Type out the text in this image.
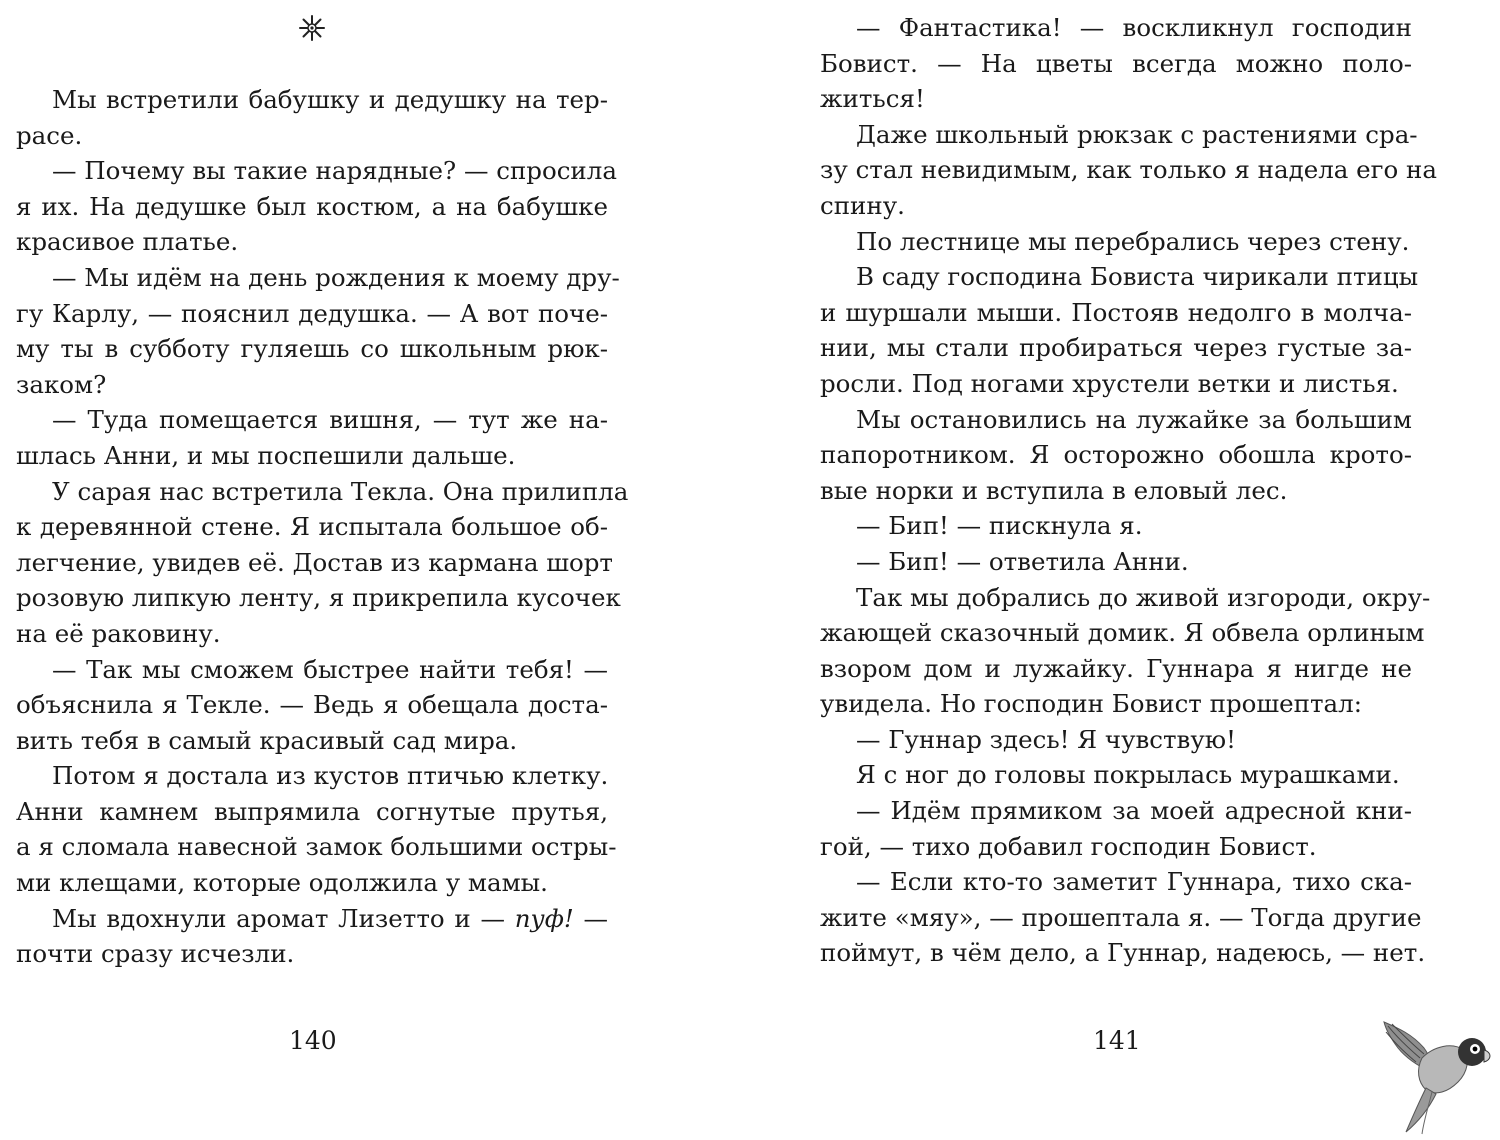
Мы встретили бабушку и дедушку на тер-
расе.
— Почему вы такие нарядные? — спросила
я их. На дедушке был костюм, а на бабушке
красивое платье.
— Мы идём на день рождения к моему дру-
гу Карлу, — пояснил дедушка. — А вот поче-
му ты в субботу гуляешь со школьным рюк-
заком?
— Туда помещается вишня, — тут же на-
шлась Анни, и мы поспешили дальше.
У сарая нас встретила Текла. Она прилипла
к деревянной стене. Я испытала большое об-
легчение, увидев её. Достав из кармана шорт
розовую липкую ленту, я прикрепила кусочек
на её раковину.
— Так мы сможем быстрее найти тебя! —
объяснила я Текле. — Ведь я обещала доста-
вить тебя в самый красивый сад мира.
Потом я достала из кустов птичью клетку.
Анни камнем выпрямила согнутые прутья,
а я сломала навесной замок большими остры-
ми клещами, которые одолжила у мамы.
Мы вдохнули аромат Лизетто и — пуф! —
почти сразу исчезли.
140
— Фантастика! — воскликнул господин
Бовист. — На цветы всегда можно поло-
житься!
Даже школьный рюкзак с растениями сра-
зу стал невидимым, как только я надела его на
спину.
По лестнице мы перебрались через стену.
В саду господина Бовиста чирикали птицы
и шуршали мыши. Постояв недолго в молча-
нии, мы стали пробираться через густые за-
росли. Под ногами хрустели ветки и листья.
Мы остановились на лужайке за большим
папоротником. Я осторожно обошла крото-
вые норки и вступила в еловый лес.
— Бип! — пискнула я.
— Бип! — ответила Анни.
Так мы добрались до живой изгороди, окру-
жающей сказочный домик. Я обвела орлиным
взором дом и лужайку. Гуннара я нигде не
увидела. Но господин Бовист прошептал:
— Гуннар здесь! Я чувствую!
Я с ног до головы покрылась мурашками.
— Идём прямиком за моей адресной кни-
гой, — тихо добавил господин Бовист.
— Если кто-то заметит Гуннара, тихо ска-
жите «мяу», — прошептала я. — Тогда другие
поймут, в чём дело, а Гуннар, надеюсь, — нет.
141
